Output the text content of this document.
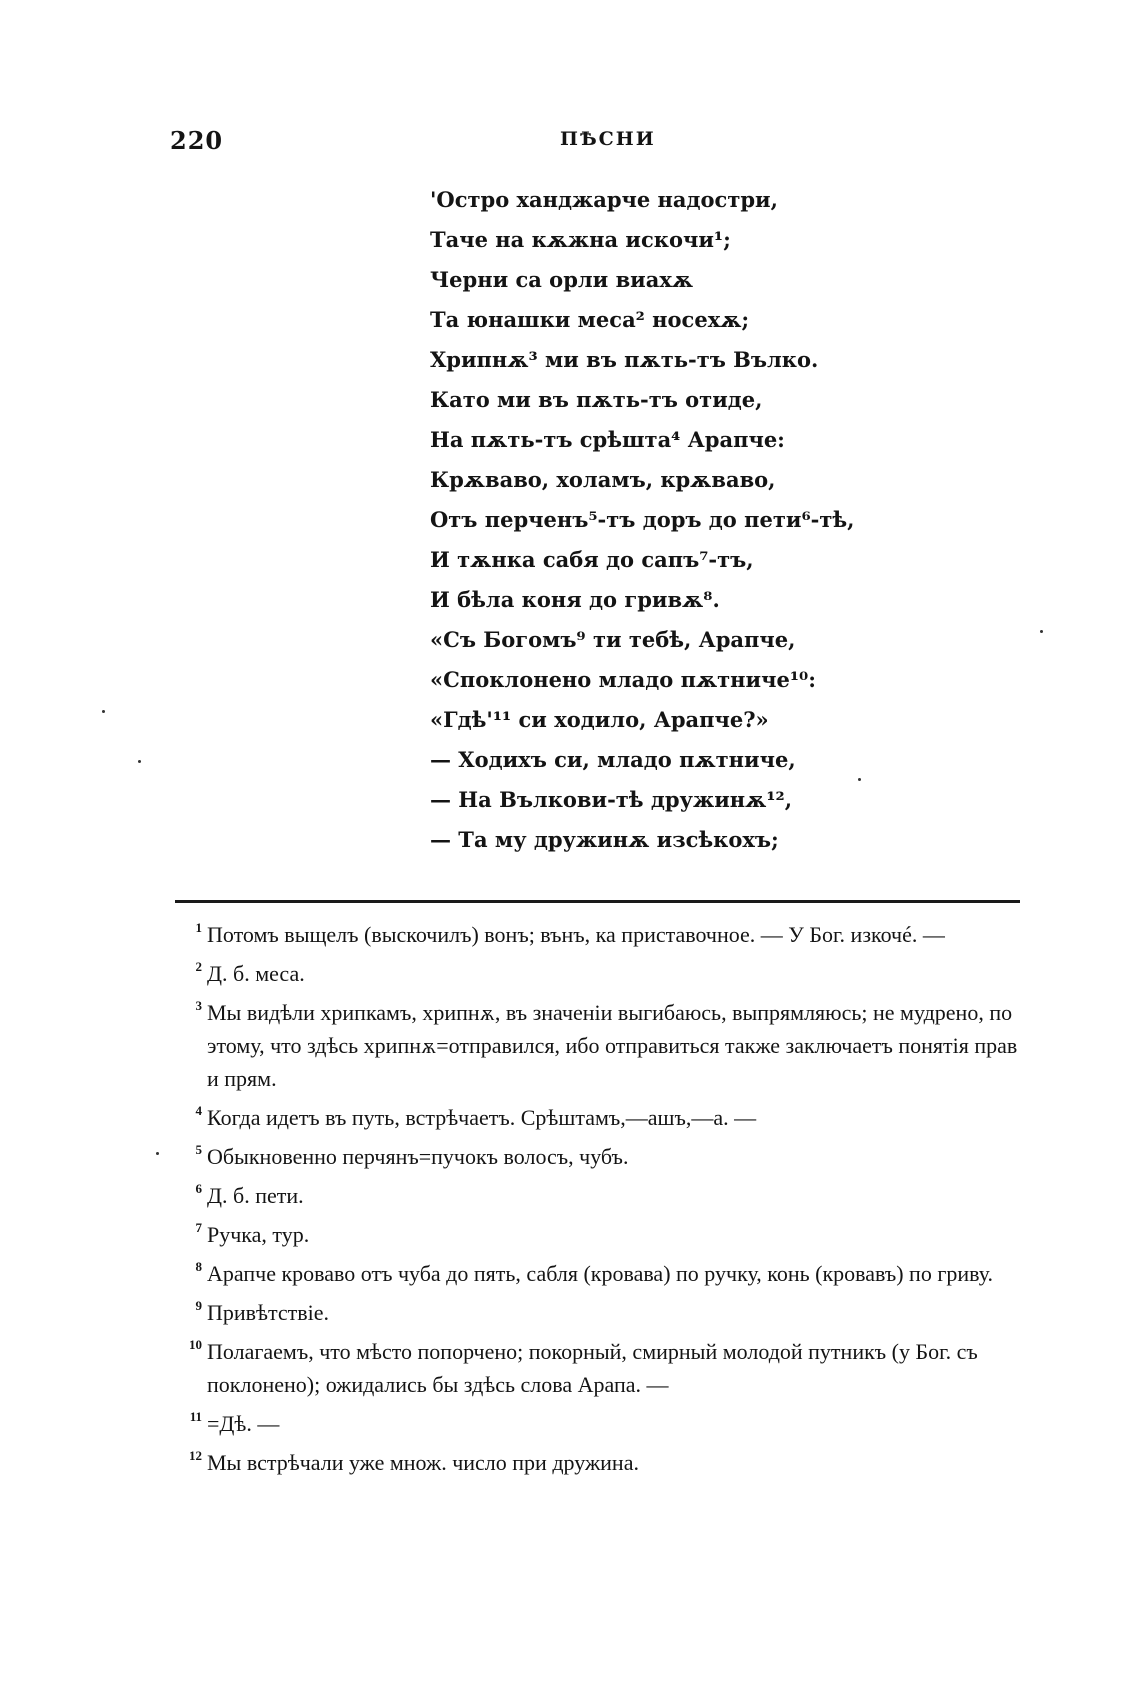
220	ПѢСНИ
'Остро ханджарче надостри,
Таче на кѫжна искочи¹;
Черни са орли виахѫ
Та юнашки меса² носехѫ;
Хрипнѫ³ ми въ пѫть-тъ Вълко.
Като ми въ пѫть-тъ отиде,
На пѫть-тъ срѣшта⁴ Арапче:
Крѫваво, холамъ, крѫваво,
Отъ перченъ⁵-тъ доръ до пети⁶-тѣ,
И тѫнка сабя до сапъ⁷-тъ,
И бѣла коня до гривѫ⁸.
«Съ Богомъ⁹ ти тебѣ, Арапче,
«Споклонено младо пѫтниче¹⁰:
«Гдѣ'¹¹ си ходило, Арапче?»
— Ходихъ си, младо пѫтниче,
— На Вълкови-тѣ дружинѫ¹²,
— Та му дружинѫ изсѣкохъ;
1 Потомъ выщелъ (выскочилъ) вонъ; вънъ, ка приставочное. — У Бог. изкочé. —
2 Д. б. меса.
3 Мы видѣли хрипкамъ, хрипнѫ, въ значенiи выгибаюсь, выпрямляюсь; не мудрено, по этому, что здѣсь хрипнѫ=отправился, ибо отправиться также заключаетъ понятiя прав и прям.
4 Когда идетъ въ путь, встрѣчаетъ. Срѣштамъ,—ашъ,—а. —
5 Обыкновенно перчянъ=пучокъ волосъ, чубъ.
6 Д. б. пети.
7 Ручка, тур.
8 Арапче кроваво отъ чуба до пять, сабля (кровава) по ручку, конь (кровавъ) по гриву.
9 Привѣтствiе.
10 Полагаемъ, что мѣсто попорчено; покорный, смирный молодой путникъ (у Бог. съ поклонено); ожидались бы здѣсь слова Арапа. —
11 =Дѣ. —
12 Мы встрѣчали уже множ. число при дружина.
